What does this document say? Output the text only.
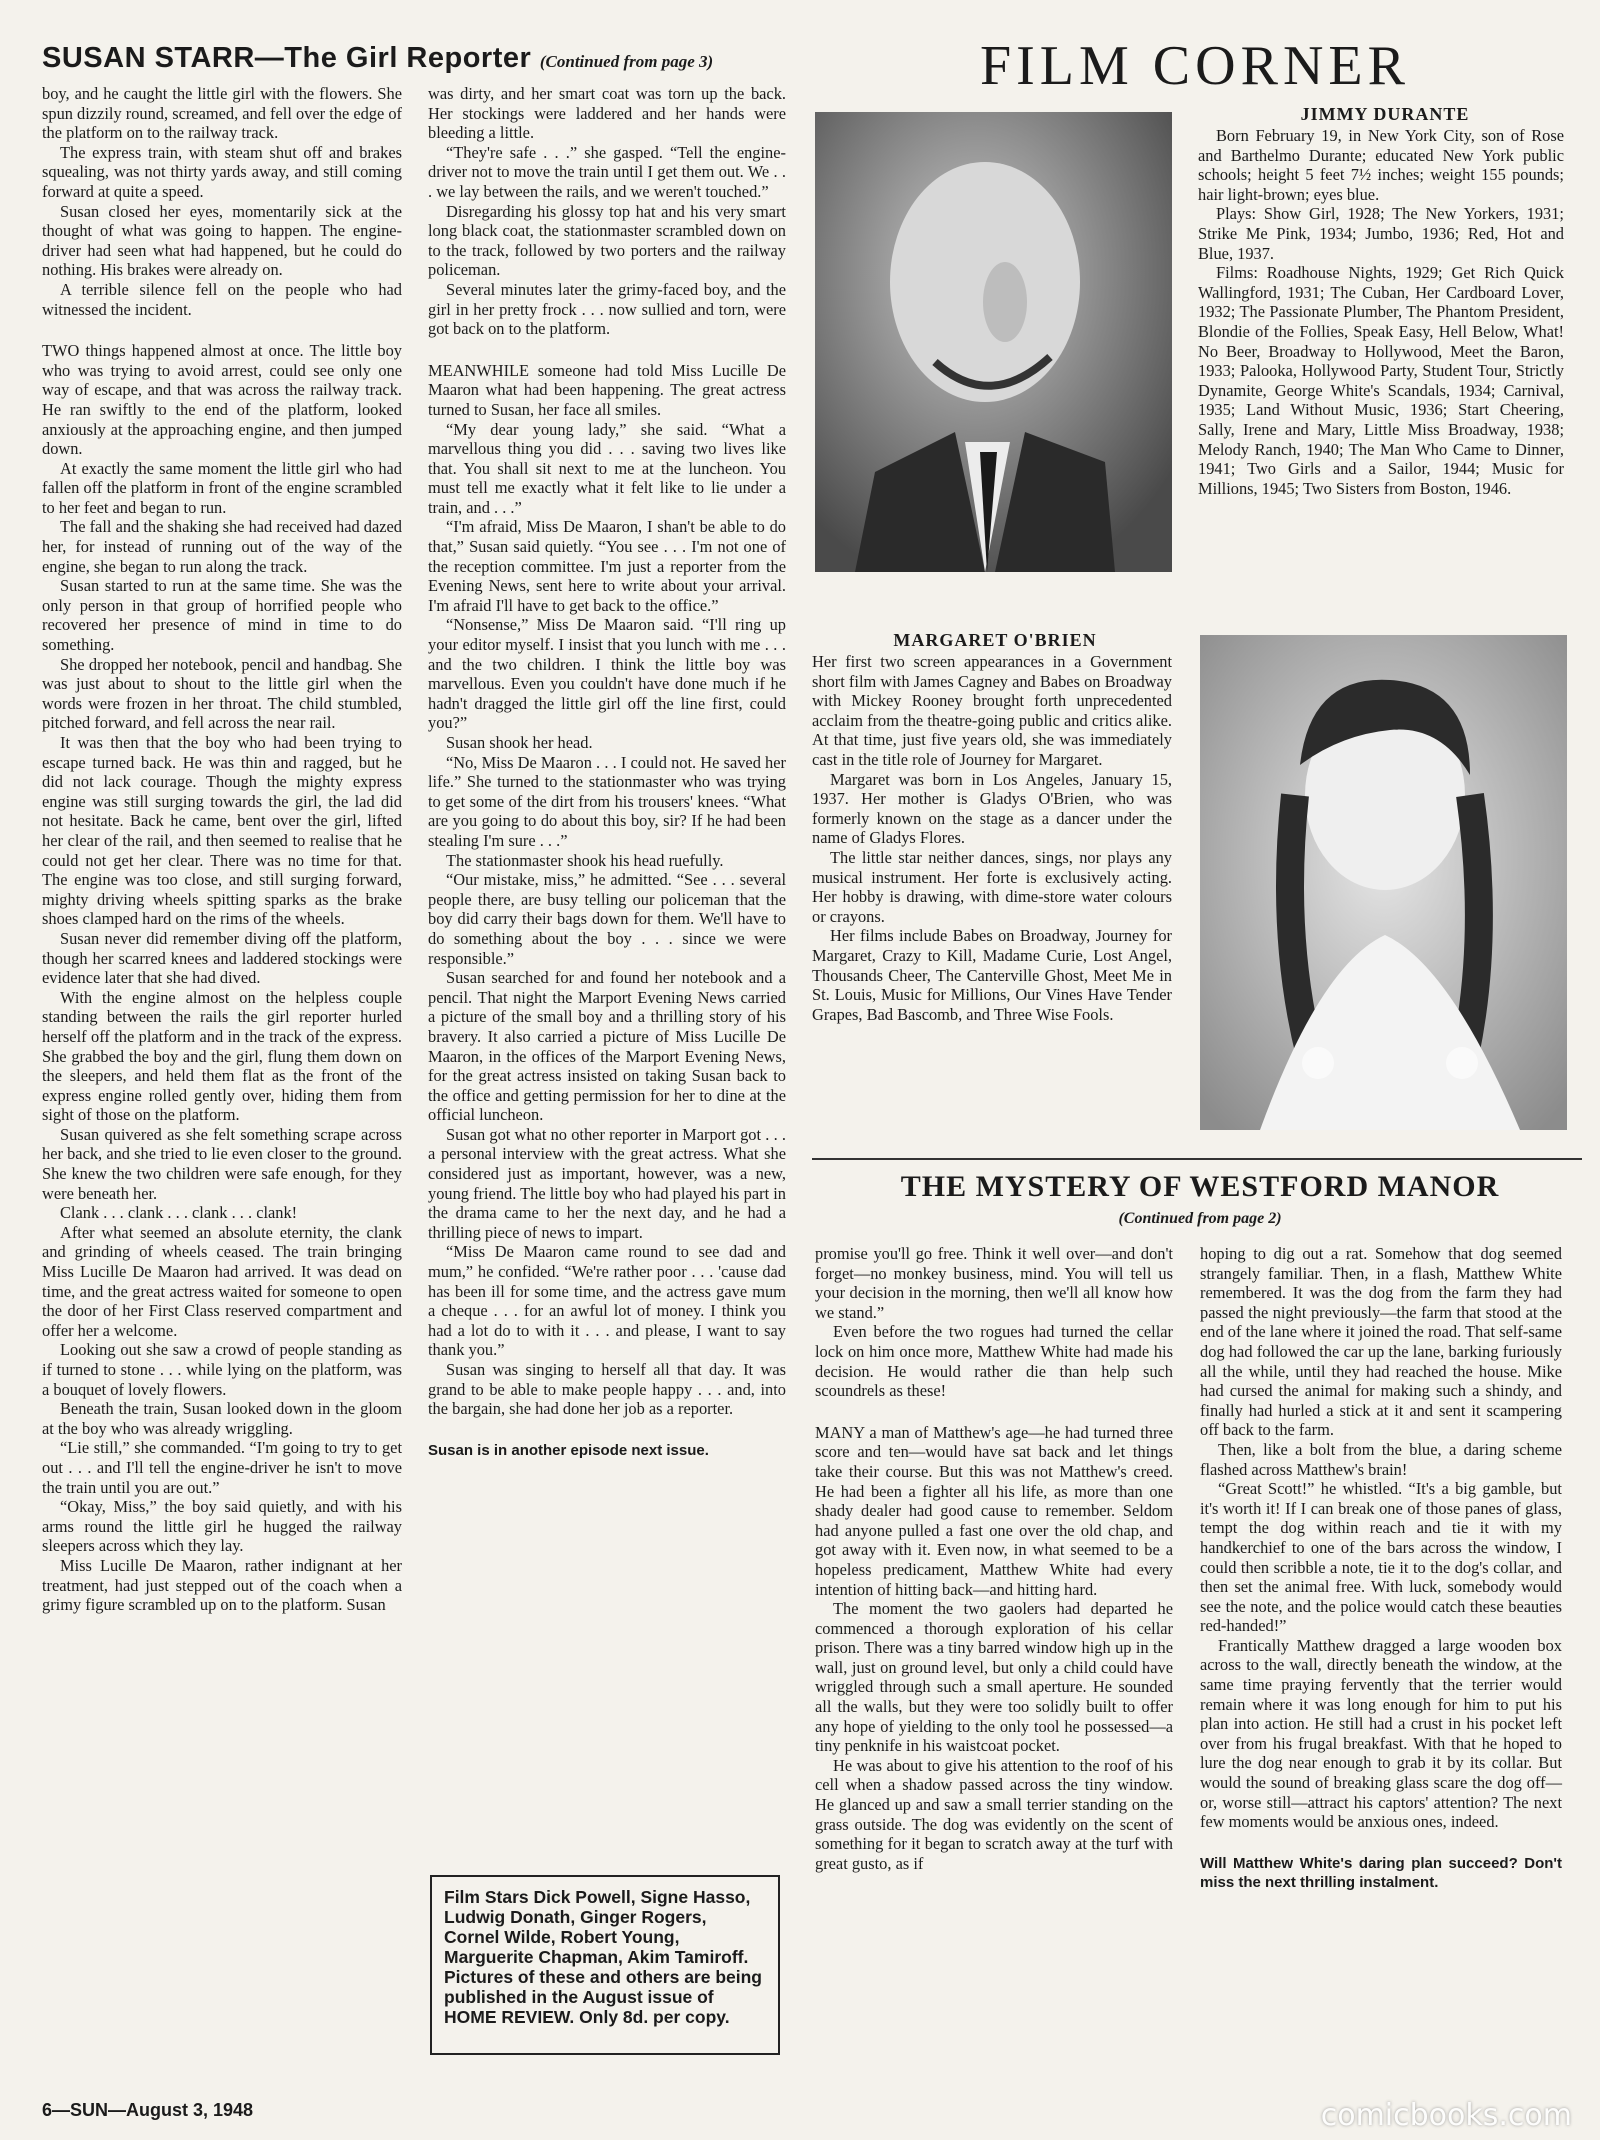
SUSAN STARR—The Girl Reporter (Continued from page 3)

boy, and he caught the little girl with the flowers. She spun dizzily round, screamed, and fell over the edge of the platform on to the railway track.

The express train, with steam shut off and brakes squealing, was not thirty yards away, and still coming forward at quite a speed.

Susan closed her eyes, momentarily sick at the thought of what was going to happen. The engine-driver had seen what had happened, but he could do nothing. His brakes were already on.

A terrible silence fell on the people who had witnessed the incident.

TWO things happened almost at once. The little boy who was trying to avoid arrest, could see only one way of escape, and that was across the railway track. He ran swiftly to the end of the platform, looked anxiously at the approaching engine, and then jumped down.

At exactly the same moment the little girl who had fallen off the platform in front of the engine scrambled to her feet and began to run.

The fall and the shaking she had received had dazed her, for instead of running out of the way of the engine, she began to run along the track.

Susan started to run at the same time. She was the only person in that group of horrified people who recovered her presence of mind in time to do something.

She dropped her notebook, pencil and handbag. She was just about to shout to the little girl when the words were frozen in her throat. The child stumbled, pitched forward, and fell across the near rail.

It was then that the boy who had been trying to escape turned back. He was thin and ragged, but he did not lack courage. Though the mighty express engine was still surging towards the girl, the lad did not hesitate. Back he came, bent over the girl, lifted her clear of the rail, and then seemed to realise that he could not get her clear. There was no time for that. The engine was too close, and still surging forward, mighty driving wheels spitting sparks as the brake shoes clamped hard on the rims of the wheels.

Susan never did remember diving off the platform, though her scarred knees and laddered stockings were evidence later that she had dived.

With the engine almost on the helpless couple standing between the rails the girl reporter hurled herself off the platform and in the track of the express. She grabbed the boy and the girl, flung them down on the sleepers, and held them flat as the front of the express engine rolled gently over, hiding them from sight of those on the platform.

Susan quivered as she felt something scrape across her back, and she tried to lie even closer to the ground. She knew the two children were safe enough, for they were beneath her.

Clank . . . clank . . . clank . . . clank!

After what seemed an absolute eternity, the clank and grinding of wheels ceased. The train bringing Miss Lucille De Maaron had arrived. It was dead on time, and the great actress waited for someone to open the door of her First Class reserved compartment and offer her a welcome.

Looking out she saw a crowd of people standing as if turned to stone . . . while lying on the platform, was a bouquet of lovely flowers.

Beneath the train, Susan looked down in the gloom at the boy who was already wriggling.

“Lie still,” she commanded. “I'm going to try to get out . . . and I'll tell the engine-driver he isn't to move the train until you are out.”

“Okay, Miss,” the boy said quietly, and with his arms round the little girl he hugged the railway sleepers across which they lay.

Miss Lucille De Maaron, rather indignant at her treatment, had just stepped out of the coach when a grimy figure scrambled up on to the platform. Susan

was dirty, and her smart coat was torn up the back. Her stockings were laddered and her hands were bleeding a little.

“They're safe . . .” she gasped. “Tell the engine-driver not to move the train until I get them out. We . . . we lay between the rails, and we weren't touched.”

Disregarding his glossy top hat and his very smart long black coat, the stationmaster scrambled down on to the track, followed by two porters and the railway policeman.

Several minutes later the grimy-faced boy, and the girl in her pretty frock . . . now sullied and torn, were got back on to the platform.

MEANWHILE someone had told Miss Lucille De Maaron what had been happening. The great actress turned to Susan, her face all smiles.

“My dear young lady,” she said. “What a marvellous thing you did . . . saving two lives like that. You shall sit next to me at the luncheon. You must tell me exactly what it felt like to lie under a train, and . . .”

“I'm afraid, Miss De Maaron, I shan't be able to do that,” Susan said quietly. “You see . . . I'm not one of the reception committee. I'm just a reporter from the Evening News, sent here to write about your arrival. I'm afraid I'll have to get back to the office.”

“Nonsense,” Miss De Maaron said. “I'll ring up your editor myself. I insist that you lunch with me . . . and the two children. I think the little boy was marvellous. Even you couldn't have done much if he hadn't dragged the little girl off the line first, could you?”

Susan shook her head.

“No, Miss De Maaron . . . I could not. He saved her life.” She turned to the stationmaster who was trying to get some of the dirt from his trousers' knees. “What are you going to do about this boy, sir? If he had been stealing I'm sure . . .”

The stationmaster shook his head ruefully.

“Our mistake, miss,” he admitted. “See . . . several people there, are busy telling our policeman that the boy did carry their bags down for them. We'll have to do something about the boy . . . since we were responsible.”

Susan searched for and found her notebook and a pencil. That night the Marport Evening News carried a picture of the small boy and a thrilling story of his bravery. It also carried a picture of Miss Lucille De Maaron, in the offices of the Marport Evening News, for the great actress insisted on taking Susan back to the office and getting permission for her to dine at the official luncheon.

Susan got what no other reporter in Marport got . . . a personal interview with the great actress. What she considered just as important, however, was a new, young friend. The little boy who had played his part in the drama came to her the next day, and he had a thrilling piece of news to impart.

“Miss De Maaron came round to see dad and mum,” he confided. “We're rather poor . . . 'cause dad has been ill for some time, and the actress gave mum a cheque . . . for an awful lot of money. I think you had a lot do to with it . . . and please, I want to say thank you.”

Susan was singing to herself all that day. It was grand to be able to make people happy . . . and, into the bargain, she had done her job as a reporter.

Susan is in another episode next issue.

Film Stars Dick Powell, Signe Hasso, Ludwig Donath, Ginger Rogers, Cornel Wilde, Robert Young, Marguerite Chapman, Akim Tamiroff. Pictures of these and others are being published in the August issue of HOME REVIEW. Only 8d. per copy.
FILM CORNER
JIMMY DURANTE

Born February 19, in New York City, son of Rose and Barthelmo Durante; educated New York public schools; height 5 feet 7½ inches; weight 155 pounds; hair light-brown; eyes blue.

Plays: Show Girl, 1928; The New Yorkers, 1931; Strike Me Pink, 1934; Jumbo, 1936; Red, Hot and Blue, 1937.

Films: Roadhouse Nights, 1929; Get Rich Quick Wallingford, 1931; The Cuban, Her Cardboard Lover, 1932; The Passionate Plumber, The Phantom President, Blondie of the Follies, Speak Easy, Hell Below, What! No Beer, Broadway to Hollywood, Meet the Baron, 1933; Palooka, Hollywood Party, Student Tour, Strictly Dynamite, George White's Scandals, 1934; Carnival, 1935; Land Without Music, 1936; Start Cheering, Sally, Irene and Mary, Little Miss Broadway, 1938; Melody Ranch, 1940; The Man Who Came to Dinner, 1941; Two Girls and a Sailor, 1944; Music for Millions, 1945; Two Sisters from Boston, 1946.

MARGARET O'BRIEN

Her first two screen appearances in a Government short film with James Cagney and Babes on Broadway with Mickey Rooney brought forth unprecedented acclaim from the theatre-going public and critics alike. At that time, just five years old, she was immediately cast in the title role of Journey for Margaret.

Margaret was born in Los Angeles, January 15, 1937. Her mother is Gladys O'Brien, who was formerly known on the stage as a dancer under the name of Gladys Flores.

The little star neither dances, sings, nor plays any musical instrument. Her forte is exclusively acting. Her hobby is drawing, with dime-store water colours or crayons.

Her films include Babes on Broadway, Journey for Margaret, Crazy to Kill, Madame Curie, Lost Angel, Thousands Cheer, The Canterville Ghost, Meet Me in St. Louis, Music for Millions, Our Vines Have Tender Grapes, Bad Bascomb, and Three Wise Fools.

THE MYSTERY OF WESTFORD MANOR
(Continued from page 2)

promise you'll go free. Think it well over—and don't forget—no monkey business, mind. You will tell us your decision in the morning, then we'll all know how we stand.”

Even before the two rogues had turned the cellar lock on him once more, Matthew White had made his decision. He would rather die than help such scoundrels as these!

MANY a man of Matthew's age—he had turned three score and ten—would have sat back and let things take their course. But this was not Matthew's creed. He had been a fighter all his life, as more than one shady dealer had good cause to remember. Seldom had anyone pulled a fast one over the old chap, and got away with it. Even now, in what seemed to be a hopeless predicament, Matthew White had every intention of hitting back—and hitting hard.

The moment the two gaolers had departed he commenced a thorough exploration of his cellar prison. There was a tiny barred window high up in the wall, just on ground level, but only a child could have wriggled through such a small aperture. He sounded all the walls, but they were too solidly built to offer any hope of yielding to the only tool he possessed—a tiny penknife in his waistcoat pocket.

He was about to give his attention to the roof of his cell when a shadow passed across the tiny window. He glanced up and saw a small terrier standing on the grass outside. The dog was evidently on the scent of something for it began to scratch away at the turf with great gusto, as if

hoping to dig out a rat. Somehow that dog seemed strangely familiar. Then, in a flash, Matthew White remembered. It was the dog from the farm they had passed the night previously—the farm that stood at the end of the lane where it joined the road. That self-same dog had followed the car up the lane, barking furiously all the while, until they had reached the house. Mike had cursed the animal for making such a shindy, and finally had hurled a stick at it and sent it scampering off back to the farm.

Then, like a bolt from the blue, a daring scheme flashed across Matthew's brain!

“Great Scott!” he whistled. “It's a big gamble, but it's worth it! If I can break one of those panes of glass, tempt the dog within reach and tie it with my handkerchief to one of the bars across the window, I could then scribble a note, tie it to the dog's collar, and then set the animal free. With luck, somebody would see the note, and the police would catch these beauties red-handed!”

Frantically Matthew dragged a large wooden box across to the wall, directly beneath the window, at the same time praying fervently that the terrier would remain where it was long enough for him to put his plan into action. He still had a crust in his pocket left over from his frugal breakfast. With that he hoped to lure the dog near enough to grab it by its collar. But would the sound of breaking glass scare the dog off—or, worse still—attract his captors' attention? The next few moments would be anxious ones, indeed.

Will Matthew White's daring plan succeed? Don't miss the next thrilling instalment.

6—SUN—August 3, 1948	comicbooks.com
